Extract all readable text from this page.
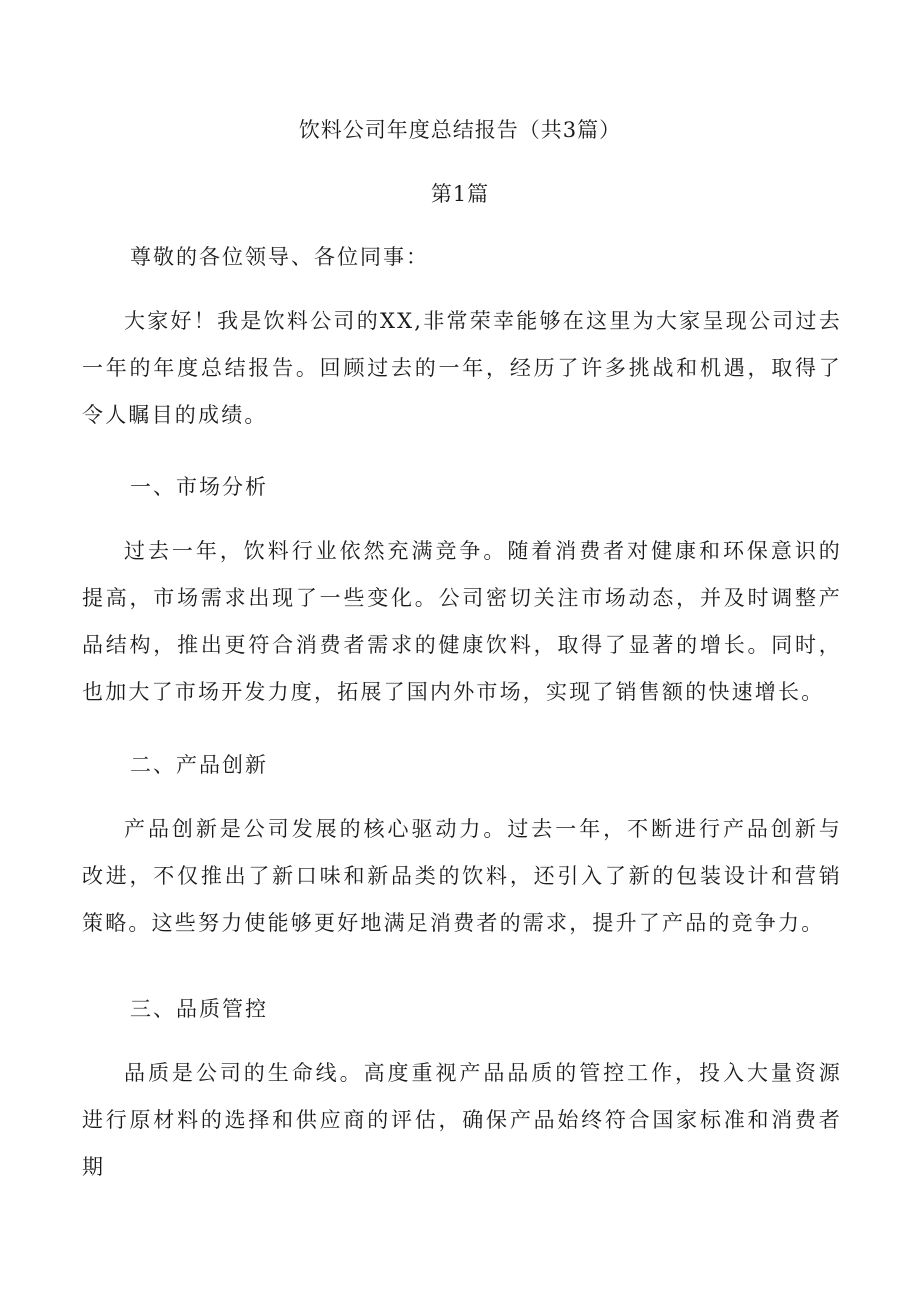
饮料公司年度总结报告（共3篇）
第1篇

尊敬的各位领导、各位同事：

大家好！我是饮料公司的XX,非常荣幸能够在这里为大家呈现公司过去一年的年度总结报告。回顾过去的一年，经历了许多挑战和机遇，取得了令人瞩目的成绩。

一、市场分析

过去一年，饮料行业依然充满竞争。随着消费者对健康和环保意识的提高，市场需求出现了一些变化。公司密切关注市场动态，并及时调整产品结构，推出更符合消费者需求的健康饮料，取得了显著的增长。同时，也加大了市场开发力度，拓展了国内外市场，实现了销售额的快速增长。

二、产品创新

产品创新是公司发展的核心驱动力。过去一年，不断进行产品创新与改进，不仅推出了新口味和新品类的饮料，还引入了新的包装设计和营销策略。这些努力使能够更好地满足消费者的需求，提升了产品的竞争力。

三、品质管控

品质是公司的生命线。高度重视产品品质的管控工作，投入大量资源进行原材料的选择和供应商的评估，确保产品始终符合国家标准和消费者期
